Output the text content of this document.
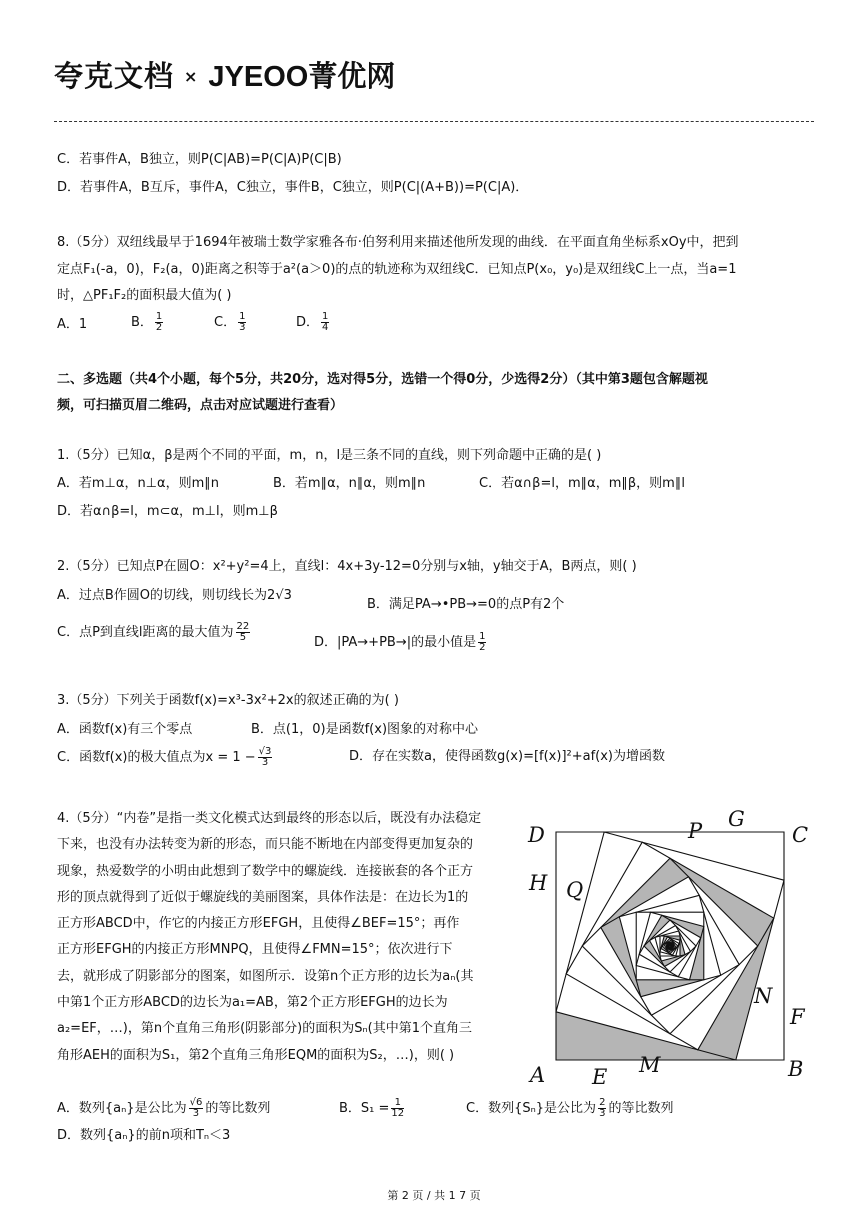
夸克文档 × JYEOO菁优网
C．若事件A，B独立，则P(C|AB)=P(C|A)P(C|B)
D．若事件A，B互斥，事件A，C独立，事件B，C独立，则P(C|(A+B))=P(C|A)．
8.（5分）双纽线最早于1694年被瑞士数学家雅各布·伯努利用来描述他所发现的曲线．在平面直角坐标系xOy中，把到
定点F₁(-a，0)，F₂(a，0)距离之积等于a²(a＞0)的点的轨迹称为双纽线C．已知点P(x₀，y₀)是双纽线C上一点，当a=1
时，△PF₁F₂的面积最大值为( )
A．1	B． $\frac{1}{2}$	C． $\frac{1}{3}$	D． $\frac{1}{4}$
二、多选题（共4个小题，每个5分，共20分，选对得5分，选错一个得0分，少选得2分）（其中第3题包含解题视
频，可扫描页眉二维码，点击对应试题进行查看）
1.（5分）已知α，β是两个不同的平面，m，n，l是三条不同的直线，则下列命题中正确的是( )
A．若m⊥α，n⊥α，则m∥n	B．若m∥α，n∥α，则m∥n	C．若α∩β=l，m∥α，m∥β，则m∥l
D．若α∩β=l，m⊂α，m⊥l，则m⊥β
2.（5分）已知点P在圆O：x²+y²=4上，直线l：4x+3y-12=0分别与x轴，y轴交于A，B两点，则( )
A．过点B作圆O的切线，则切线长为2√3
B．满足PA→•PB→=0的点P有2个
C．点P到直线l距离的最大值为 $\frac{22}{5}$	D．|PA→+PB→|的最小值是 $\frac{1}{2}$
3.（5分）下列关于函数f(x)=x³-3x²+2x的叙述正确的为( )
A．函数f(x)有三个零点	B．点(1，0)是函数f(x)图象的对称中心
C．函数f(x)的极大值点为$x = 1 - \frac{√3}{3}$	D．存在实数a，使得函数g(x)=[f(x)]²+af(x)为增函数
4.（5分）“内卷”是指一类文化模式达到最终的形态以后，既没有办法稳定
下来，也没有办法转变为新的形态，而只能不断地在内部变得更加复杂的
现象，热爱数学的小明由此想到了数学中的螺旋线．连接嵌套的各个正方
形的顶点就得到了近似于螺旋线的美丽图案，具体作法是：在边长为1的
正方形ABCD中，作它的内接正方形EFGH，且使得∠BEF=15°；再作
正方形EFGH的内接正方形MNPQ，且使得∠FMN=15°；依次进行下
去，就形成了阴影部分的图案，如图所示．设第n个正方形的边长为aₙ(其
中第1个正方形ABCD的边长为a₁=AB，第2个正方形EFGH的边长为
a₂=EF，…)，第n个直角三角形(阴影部分)的面积为Sₙ(其中第1个直角三
角形AEH的面积为S₁，第2个直角三角形EQM的面积为S₂，…)，则( )
D	C
A	B
H
E
F
G
Q
P
M
N
A．数列{aₙ}是公比为 $\frac{√6}{3}$ 的等比数列	B．$S_1 = \frac{1}{12}$	C．数列{Sₙ}是公比为 $\frac{2}{3}$ 的等比数列
D．数列{aₙ}的前n项和Tₙ＜3
第 2 页 / 共 1 7 页
